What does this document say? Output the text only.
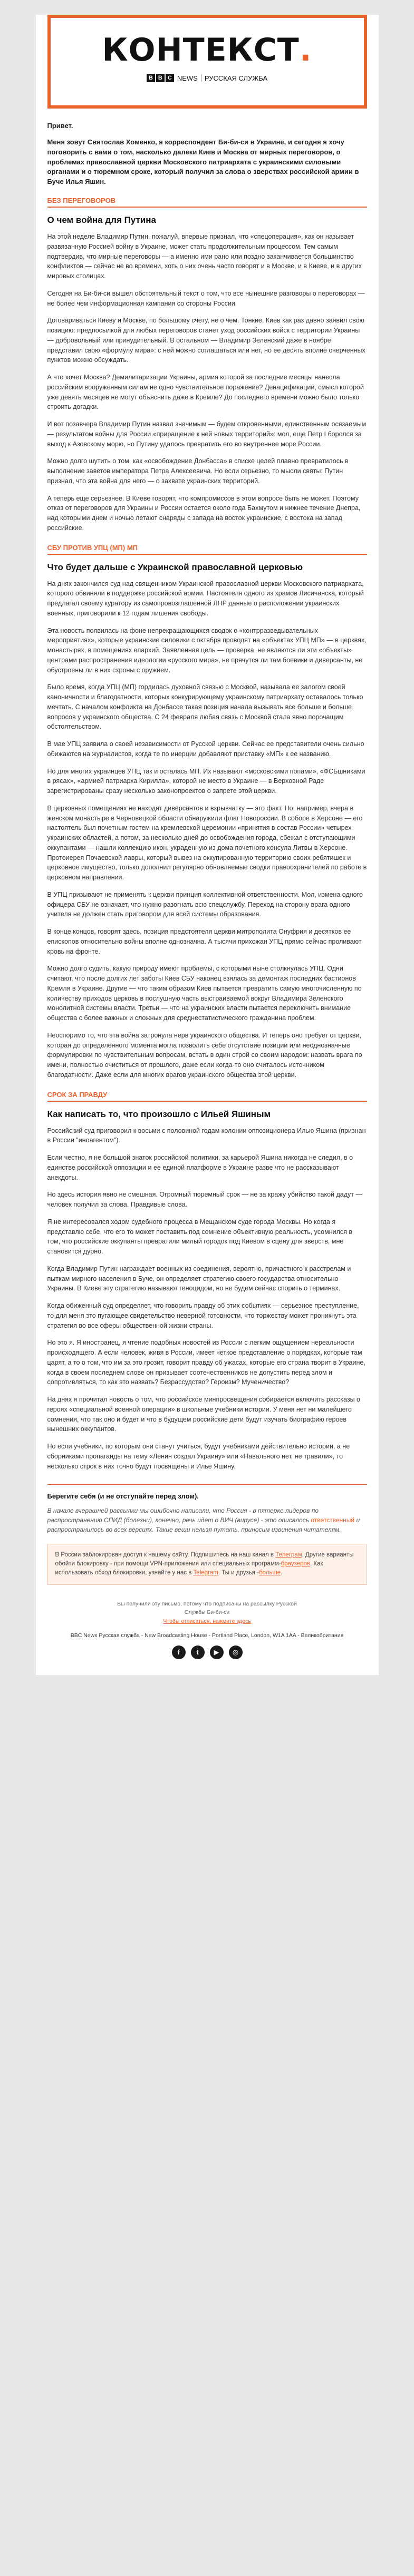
КОНТЕКСТ.
B B C NEWS РУССКАЯ СЛУЖБА

Привет.

Меня зовут Святослав Хоменко, я корреспондент Би-би-си в Украине, и сегодня я хочу поговорить с вами о том, насколько далеки Киев и Москва от мирных переговоров, о проблемах православной церкви Московского патриархата с украинскими силовыми органами и о тюремном сроке, который получил за слова о зверствах российской армии в Буче Илья Яшин.

БЕЗ ПЕРЕГОВОРОВ
О чем война для Путина

На этой неделе Владимир Путин, пожалуй, впервые признал, что «спецоперация», как он называет развязанную Россией войну в Украине, может стать продолжительным процессом. Тем самым подтвердив, что мирные переговоры — а именно ими рано или поздно заканчивается большинство конфликтов — сейчас не во времени, хоть о них очень часто говорят и в Москве, и в Киеве, и в других мировых столицах.

Сегодня на Би-би-си вышел обстоятельный текст о том, что все нынешние разговоры о переговорах — не более чем информационная кампания со стороны России.

Договариваться Киеву и Москве, по большому счету, не о чем. Тонкие, Киев как раз давно заявил свою позицию: предпосылкой для любых переговоров станет уход российских войск с территории Украины — добровольный или принудительный. В остальном — Владимир Зеленский даже в ноябре представил свою «формулу мира»: с ней можно соглашаться или нет, но ее десять вполне очерченных пунктов можно обсуждать.

А что хочет Москва? Демилитаризации Украины, армия которой за последние месяцы нанесла российским вооруженным силам не одно чувствительное поражение? Денацификации, смысл которой уже девять месяцев не могут объяснить даже в Кремле? До последнего времени можно было только строить догадки.

И вот позавчера Владимир Путин назвал значимым — будем откровенными, единственным осязаемым — результатом войны для России «приращение к ней новых территорий»: мол, еще Петр I боролся за выход к Азовскому морю, но Путину удалось превратить его во внутреннее море России.

Можно долго шутить о том, как «освобождение Донбасса» в списке целей плавно превратилось в выполнение заветов императора Петра Алексеевича. Но если серьезно, то мысли святы: Путин признал, что эта война для него — о захвате украинских территорий.

А теперь еще серьезнее. В Киеве говорят, что компромиссов в этом вопросе быть не может. Поэтому отказ от переговоров для Украины и России остается около года Бахмутом и нижнее течение Днепра, над которыми днем и ночью летают снаряды с запада на восток украинские, с востока на запад российские.

СБУ ПРОТИВ УПЦ (МП) МП
Что будет дальше с Украинской православной церковью

На днях закончился суд над священником Украинской православной церкви Московского патриархата, которого обвиняли в поддержке российской армии. Настоятеля одного из храмов Лисичанска, который предлагал своему куратору из самопровозглашенной ЛНР данные о расположении украинских военных, приговорили к 12 годам лишения свободы.

Эта новость появилась на фоне непрекращающихся сводок о «контрразведывательных мероприятиях», которые украинские силовики с октября проводят на «объектах УПЦ МП» — в церквях, монастырях, в помещениях епархий. Заявленная цель — проверка, не являются ли эти «объекты» центрами распространения идеологии «русского мира», не прячутся ли там боевики и диверсанты, не обустроены ли в них схроны с оружием.

Было время, когда УПЦ (МП) гордилась духовной связью с Москвой, называла ее залогом своей каноничности и благодатности, которых конкурирующему украинскому патриархату оставалось только мечтать. С началом конфликта на Донбассе такая позиция начала вызывать все больше и больше вопросов у украинского общества. С 24 февраля любая связь с Москвой стала явно порочащим обстоятельством.

В мае УПЦ заявила о своей независимости от Русской церкви. Сейчас ее представители очень сильно обижаются на журналистов, когда те по инерции добавляют приставку «МП» к ее названию.

Но для многих украинцев УПЦ так и осталась МП. Их называют «московскими попами», «ФСБшниками в рясах», «армией патриарха Кирилла», которой не место в Украине — в Верховной Раде зарегистрированы сразу несколько законопроектов о запрете этой церкви.

В церковных помещениях не находят диверсантов и взрывчатку — это факт. Но, например, вчера в женском монастыре в Черновецкой области обнаружили флаг Новороссии. В соборе в Херсоне — его настоятель был почетным гостем на кремлевской церемонии «принятия в состав России» четырех украинских областей, а потом, за несколько дней до освобождения города, сбежал с отступающими оккупантами — нашли коллекцию икон, украденную из дома почетного консула Литвы в Херсоне. Протоиерея Почаевской лавры, который вывез на оккупированную территорию своих ребятишек и церковное имущество, только дополнил регулярно обновляемые сводки правоохранителей по работе в церковном направлении.

В УПЦ призывают не применять к церкви принцип коллективной ответственности. Мол, измена одного офицера СБУ не означает, что нужно разогнать всю спецслужбу. Переход на сторону врага одного учителя не должен стать приговором для всей системы образования.

В конце концов, говорят здесь, позиция предстоятеля церкви митрополита Онуфрия и десятков ее епископов относительно войны вполне однозначна. А тысячи прихожан УПЦ прямо сейчас проливают кровь на фронте.

Можно долго судить, какую природу имеют проблемы, с которыми ныне столкнулась УПЦ. Одни считают, что после долгих лет заботы Киев СБУ наконец взялась за демонтаж последних бастионов Кремля в Украине. Другие — что таким образом Киев пытается превратить самую многочисленную по количеству приходов церковь в послушную часть выстраиваемой вокруг Владимира Зеленского монолитной системы власти. Третьи — что на украинских власти пытается переключить внимание общества с более важных и сложных для среднестатистического гражданина проблем.

Неоспоримо то, что эта война затронула нерв украинского общества. И теперь оно требует от церкви, которая до определенного момента могла позволить себе отсутствие позиции или неоднозначные формулировки по чувствительным вопросам, встать в один строй со своим народом: назвать врага по имени, полностью очиститься от прошлого, даже если когда-то оно считалось источником благодатности. Даже если для многих врагов украинского общества этой церкви.

СРОК ЗА ПРАВДУ
Как написать то, что произошло с Ильей Яшиным

Российский суд приговорил к восьми с половиной годам колонии оппозиционера Илью Яшина (признан в России "иноагентом").

Если честно, я не большой знаток российской политики, за карьерой Яшина никогда не следил, в о единстве российской оппозиции и ее единой платформе в Украине разве что не рассказывают анекдоты.

Но здесь история явно не смешная. Огромный тюремный срок — не за кражу убийство такой дадут — человек получил за слова. Правдивые слова.

Я не интересовался ходом судебного процесса в Мещанском суде города Москвы. Но когда я представлю себе, что его то может поставить под сомнение объективную реальность, усомнился в том, что российские оккупанты превратили милый городок под Киевом в сцену для зверств, мне становится дурно.

Когда Владимир Путин награждает военных из соединения, вероятно, причастного к расстрелам и пыткам мирного населения в Буче, он определяет стратегию своего государства относительно Украины. В Киеве эту стратегию называют геноцидом, но не будем сейчас спорить о терминах.

Когда обиженный суд определяет, что говорить правду об этих событиях — серьезное преступление, то для меня это пугающее свидетельство неверной готовности, что торжеству может проникнуть эта стратегия во все сферы общественной жизни страны.

Но это я. Я иностранец, я чтение подобных новостей из России с легким ощущением нереальности происходящего. А если человек, живя в России, имеет четкое представление о порядках, которые там царят, а то о том, что им за это грозит, говорит правду об ужасах, которые его страна творит в Украине, когда в своем последнем слове он призывает соотечественников не допустить перед злом и сопротивляться, то как это назвать? Безрассудство? Героизм? Мученичество?

На днях я прочитал новость о том, что российское минпросвещения собирается включить рассказы о героях «специальной военной операции» в школьные учебники истории. У меня нет ни малейшего сомнения, что так оно и будет и что в будущем российские дети будут изучать биографию героев нынешних оккупантов.

Но если учебники, по которым они станут учиться, будут учебниками действительно истории, а не сборниками пропаганды на тему «Ленин создал Украину» или «Навального нет, не травили», то несколько строк в них точно будут посвящены и Илье Яшину.

Берегите себя (и не отступайте перед злом).
В начале вчерашней рассылки мы ошибочно написали, что Россия - в пятерке лидеров по распространению СПИД (болезни), конечно, речь идет о ВИЧ (вирусе) - это описалось ответственный и распространилось во всех версиях. Такие вещи нельзя путать, приносим извинения читателям.
В России заблокирован доступ к нашему сайту. Подпишитесь на наш канал в Телеграм. Другие варианты обойти блокировку - при помощи VPN-приложения или специальных программ-браузеров. Как использовать обход блокировки, узнайте у нас в Telegram. Ты и друзья -больше.
Вы получили эту письмо, потому что подписаны на рассылку Русской
Службы Би-би-си
Чтобы отписаться, нажмите здесь
BBC News Русская служба - New Broadcasting House - Portland Place, London, W1A 1AA - Великобритания
f	t	▶	◎
